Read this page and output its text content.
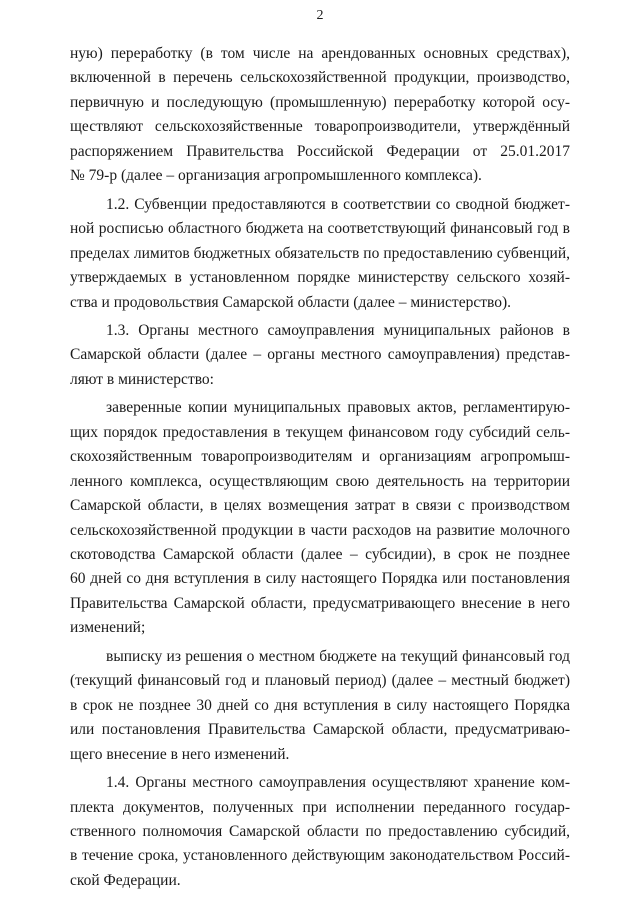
2
ную) переработку (в том числе на арендованных основных средствах),
включенной в перечень сельскохозяйственной продукции, производство,
первичную и последующую (промышленную) переработку которой осу-
ществляют сельскохозяйственные товаропроизводители, утверждённый
распоряжением Правительства Российской Федерации от 25.01.2017
№ 79-р (далее – организация агропромышленного комплекса).
1.2. Субвенции предоставляются в соответствии со сводной бюджет-
ной росписью областного бюджета на соответствующий финансовый год в
пределах лимитов бюджетных обязательств по предоставлению субвенций,
утверждаемых в установленном порядке министерству сельского хозяй-
ства и продовольствия Самарской области (далее – министерство).
1.3. Органы местного самоуправления муниципальных районов в
Самарской области (далее – органы местного самоуправления) представ-
ляют в министерство:
заверенные копии муниципальных правовых актов, регламентирую-
щих порядок предоставления в текущем финансовом году субсидий сель-
скохозяйственным товаропроизводителям и организациям агропромыш-
ленного комплекса, осуществляющим свою деятельность на территории
Самарской области, в целях возмещения затрат в связи с производством
сельскохозяйственной продукции в части расходов на развитие молочного
скотоводства Самарской области (далее – субсидии), в срок не позднее
60 дней со дня вступления в силу настоящего Порядка или постановления
Правительства Самарской области, предусматривающего внесение в него
изменений;
выписку из решения о местном бюджете на текущий финансовый год
(текущий финансовый год и плановый период) (далее – местный бюджет)
в срок не позднее 30 дней со дня вступления в силу настоящего Порядка
или постановления Правительства Самарской области, предусматриваю-
щего внесение в него изменений.
1.4. Органы местного самоуправления осуществляют хранение ком-
плекта документов, полученных при исполнении переданного государ-
ственного полномочия Самарской области по предоставлению субсидий,
в течение срока, установленного действующим законодательством Россий-
ской Федерации.
